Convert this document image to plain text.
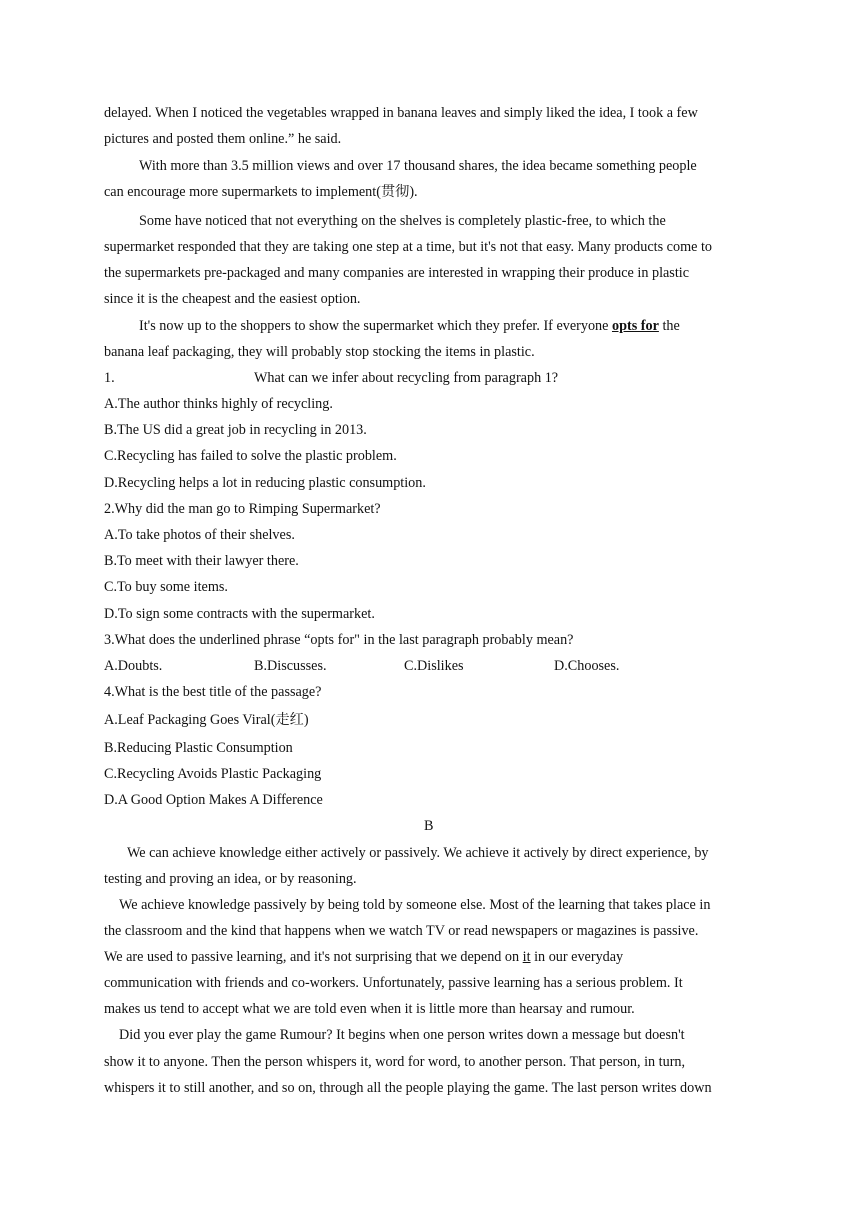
delayed. When I noticed the vegetables wrapped in banana leaves and simply liked the idea, I took a few
pictures and posted them online.” he said.
With more than 3.5 million views and over 17 thousand shares, the idea became something people
can encourage more supermarkets to implement(贯彻).
Some have noticed that not everything on the shelves is completely plastic-free, to which the
supermarket responded that they are taking one step at a time, but it's not that easy. Many products come to
the supermarkets pre-packaged and many companies are interested in wrapping their produce in plastic
since it is the cheapest and the easiest option.
It's now up to the shoppers to show the supermarket which they prefer. If everyone opts for the
banana leaf packaging, they will probably stop stocking the items in plastic.
1.	What can we infer about recycling from paragraph 1?
A.The author thinks highly of recycling.
B.The US did a great job in recycling in 2013.
C.Recycling has failed to solve the plastic problem.
D.Recycling helps a lot in reducing plastic consumption.
2.Why did the man go to Rimping Supermarket?
A.To take photos of their shelves.
B.To meet with their lawyer there.
C.To buy some items.
D.To sign some contracts with the supermarket.
3.What does the underlined phrase “opts for" in the last paragraph probably mean?
A.Doubts.	B.Discusses.	C.Dislikes	D.Chooses.
4.What is the best title of the passage?
A.Leaf Packaging Goes Viral(走红)
B.Reducing Plastic Consumption
C.Recycling Avoids Plastic Packaging
D.A Good Option Makes A Difference
B
We can achieve knowledge either actively or passively. We achieve it actively by direct experience, by
testing and proving an idea, or by reasoning.
We achieve knowledge passively by being told by someone else. Most of the learning that takes place in
the classroom and the kind that happens when we watch TV or read newspapers or magazines is passive.
We are used to passive learning, and it's not surprising that we depend on it in our everyday
communication with friends and co-workers. Unfortunately, passive learning has a serious problem. It
makes us tend to accept what we are told even when it is little more than hearsay and rumour.
Did you ever play the game Rumour? It begins when one person writes down a message but doesn't
show it to anyone. Then the person whispers it, word for word, to another person. That person, in turn,
whispers it to still another, and so on, through all the people playing the game. The last person writes down
